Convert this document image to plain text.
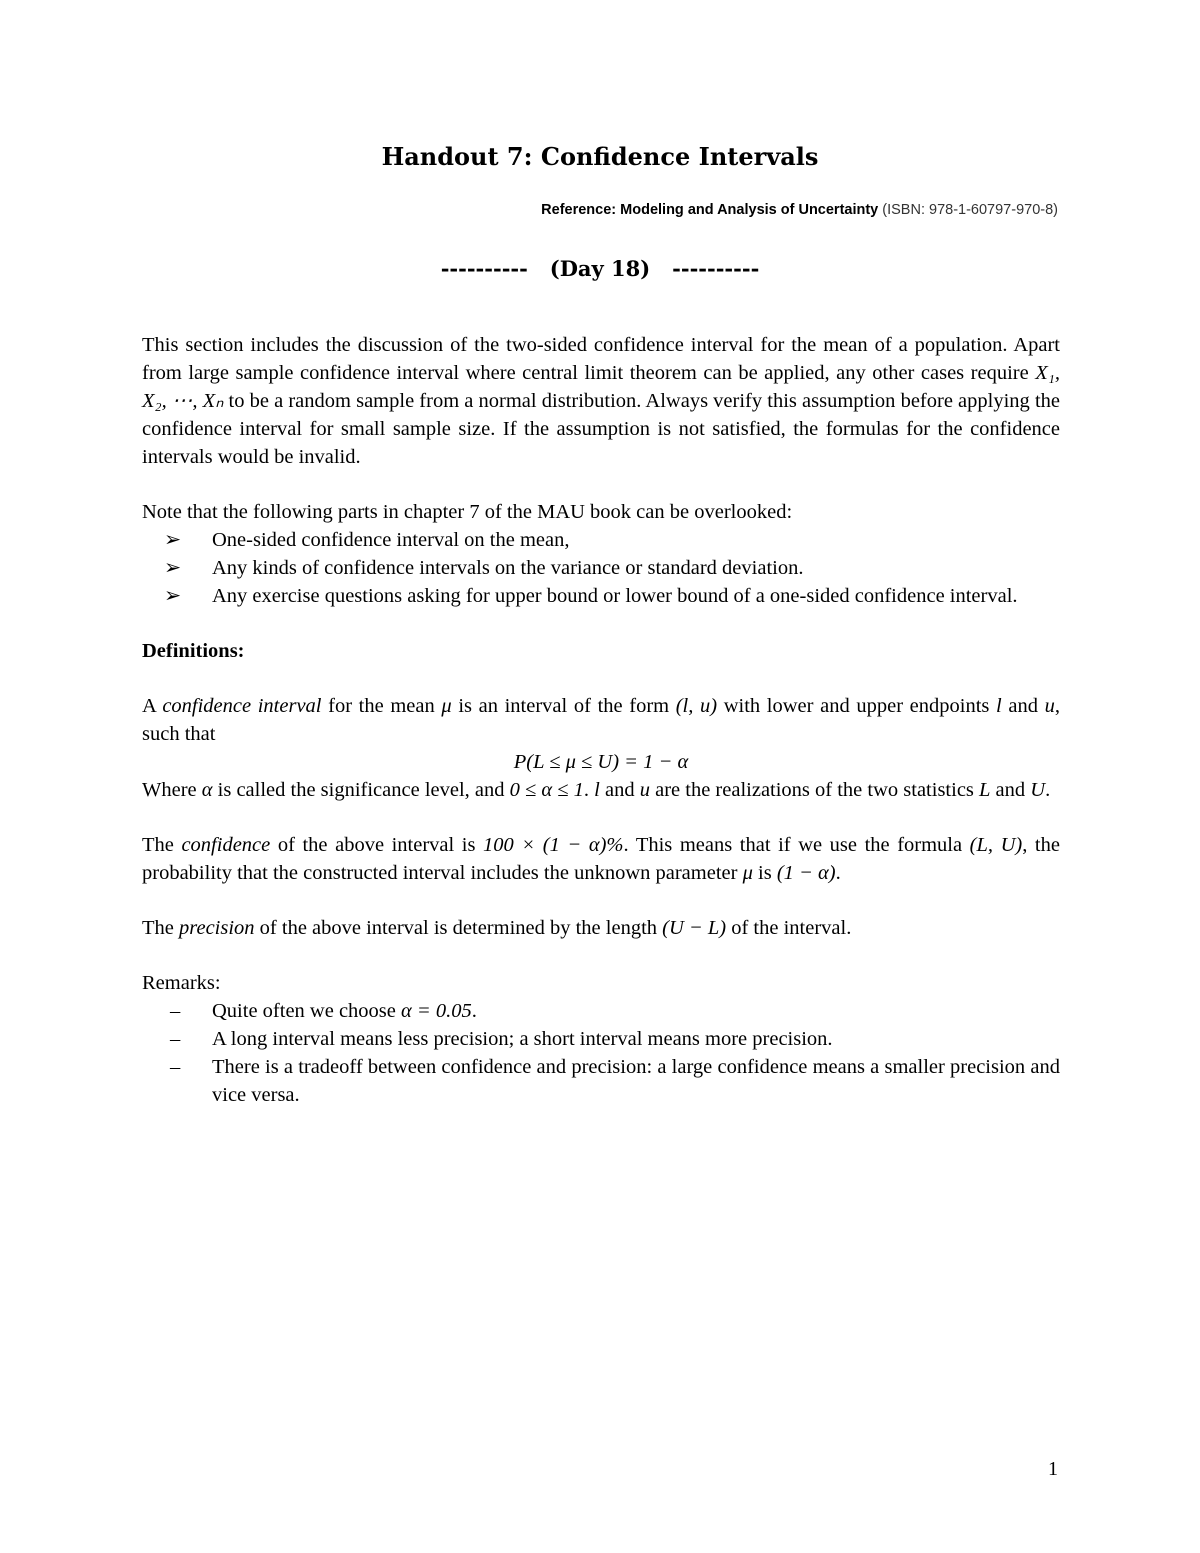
Handout 7: Confidence Intervals
Reference: Modeling and Analysis of Uncertainty (ISBN: 978-1-60797-970-8)
----------   (Day 18)   ----------

This section includes the discussion of the two-sided confidence interval for the mean of a population. Apart from large sample confidence interval where central limit theorem can be applied, any other cases require X₁, X₂, ⋯, Xₙ to be a random sample from a normal distribution. Always verify this assumption before applying the confidence interval for small sample size. If the assumption is not satisfied, the formulas for the confidence intervals would be invalid.

Note that the following parts in chapter 7 of the MAU book can be overlooked:

➢ One-sided confidence interval on the mean,
➢ Any kinds of confidence intervals on the variance or standard deviation.
➢ Any exercise questions asking for upper bound or lower bound of a one-sided confidence interval.

Definitions:

A confidence interval for the mean μ is an interval of the form (l, u) with lower and upper endpoints l and u, such that

P(L ≤ μ ≤ U) = 1 − α

Where α is called the significance level, and 0 ≤ α ≤ 1. l and u are the realizations of the two statistics L and U.

The confidence of the above interval is 100 × (1 − α)%. This means that if we use the formula (L, U), the probability that the constructed interval includes the unknown parameter μ is (1 − α).

The precision of the above interval is determined by the length (U − L) of the interval.

Remarks:

– Quite often we choose α = 0.05.
– A long interval means less precision; a short interval means more precision.
– There is a tradeoff between confidence and precision: a large confidence means a smaller precision and vice versa.
1
